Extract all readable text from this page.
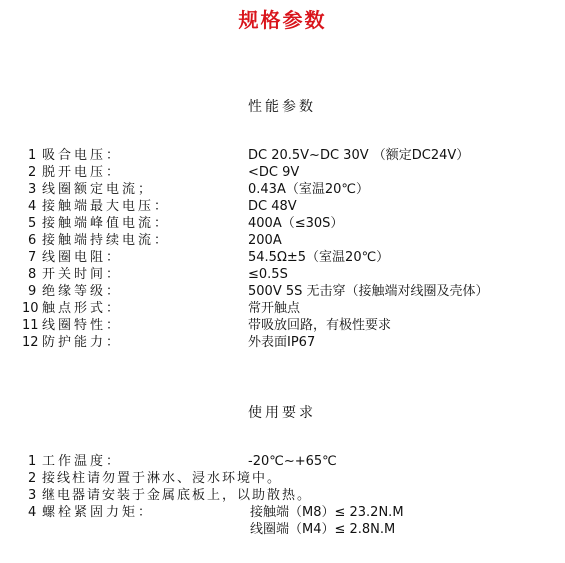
规格参数
性能参数
1 吸合电压：	DC 20.5V~DC 30V （额定DC24V）
2 脱开电压：	<DC 9V
3 线圈额定电流；	0.43A（室温20℃）
4 接触端最大电压：	DC 48V
5 接触端峰值电流：	400A（≤30S）
6 接触端持续电流：	200A
7 线圈电阻：	54.5Ω±5（室温20℃）
8 开关时间：	≤0.5S
9 绝缘等级：	500V 5S 无击穿（接触端对线圈及壳体）
10 触点形式：	常开触点
11 线圈特性：	带吸放回路，有极性要求
12 防护能力：	外表面IP67
使用要求
1 工作温度：	-20℃~+65℃
2 接线柱请勿置于淋水、浸水环境中。
3 继电器请安装于金属底板上，以助散热。
4 螺栓紧固力矩：	接触端（M8）≤ 23.2N.M
线圈端（M4）≤ 2.8N.M
